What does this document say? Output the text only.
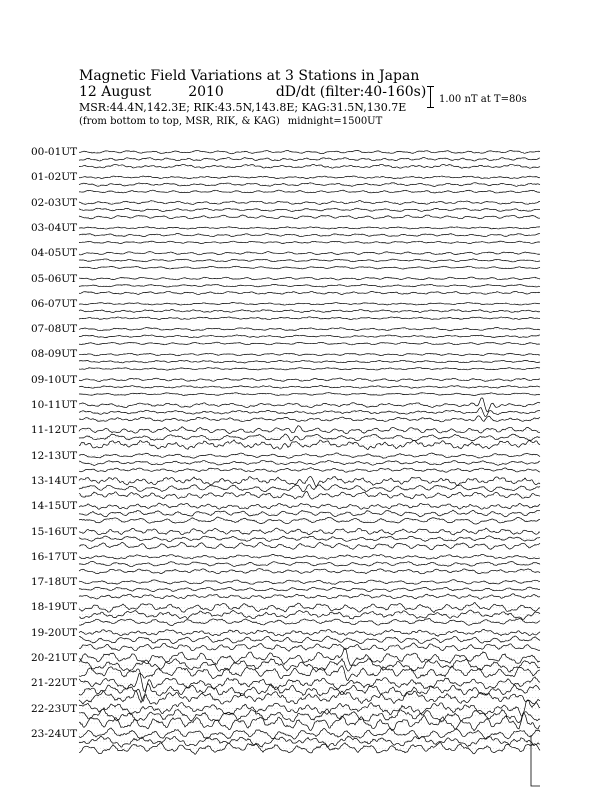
Magnetic Field Variations at 3 Stations in Japan
12 August	2010	dD/dt (filter:40-160s)
MSR:44.4N,142.3E; RIK:43.5N,143.8E; KAG:31.5N,130.7E
(from bottom to top, MSR, RIK, & KAG) midnight=1500UT
1.00 nT at T=80s
00-01UT
01-02UT
02-03UT
03-04UT
04-05UT
05-06UT
06-07UT
07-08UT
08-09UT
09-10UT
10-11UT
11-12UT
12-13UT
13-14UT
14-15UT
15-16UT
16-17UT
17-18UT
18-19UT
19-20UT
20-21UT
21-22UT
22-23UT
23-24UT
